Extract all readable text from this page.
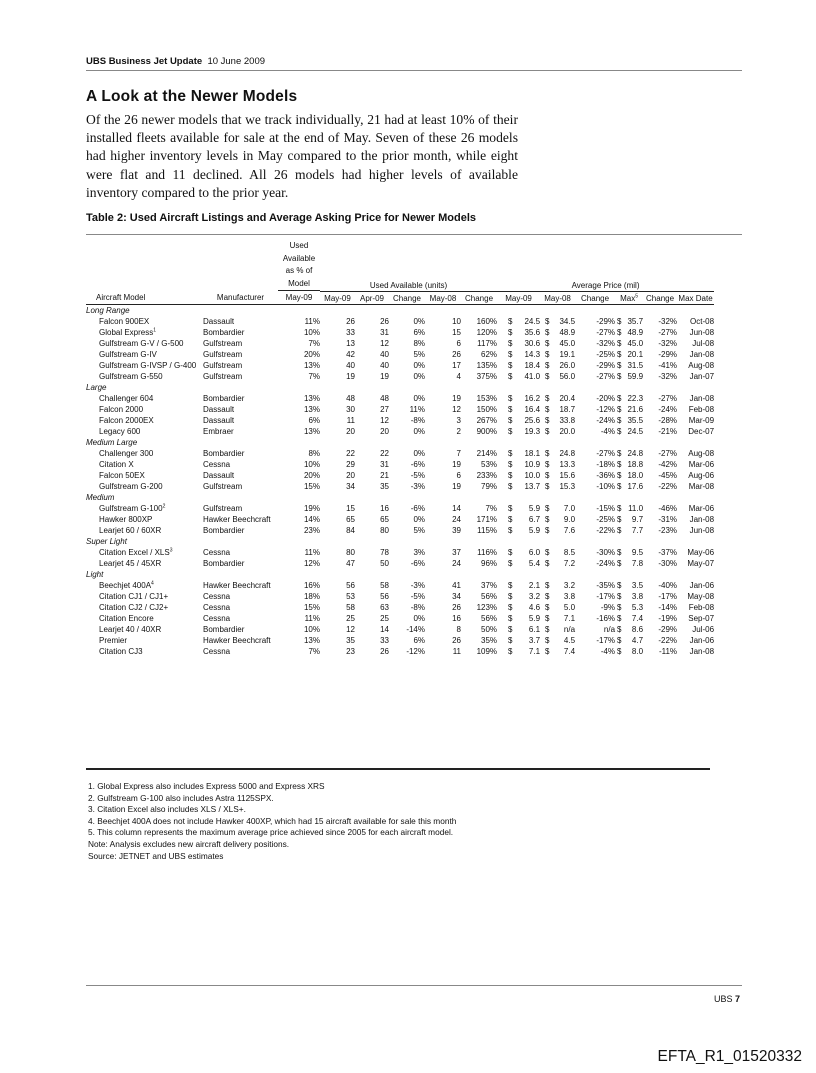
UBS Business Jet Update 10 June 2009
A Look at the Newer Models
Of the 26 newer models that we track individually, 21 had at least 10% of their installed fleets available for sale at the end of May. Seven of these 26 models had higher inventory levels in May compared to the prior month, while eight were flat and 11 declined. All 26 models had higher levels of available inventory compared to the prior year.
Table 2: Used Aircraft Listings and Average Asking Price for Newer Models

		Used
Available
as % of
Model	Used Available (units)					Average Price (mil)					
Aircraft Model	Manufacturer	May-09	May-09	Apr-09	Change	May-08	Change	May-09	May-08	Change	Max$^5$	Change	Max Date
Long Range													
Falcon 900EX	Dassault	11%	26	26	0%	10	160%	$ 24.5	$ 34.5	-29%	$ 35.7	-32%	Oct-08
Global Express$^1$	Bombardier	10%	33	31	6%	15	120%	$ 35.6	$ 48.9	-27%	$ 48.9	-27%	Jun-08
Gulfstream G-V / G-500	Gulfstream	7%	13	12	8%	6	117%	$ 30.6	$ 45.0	-32%	$ 45.0	-32%	Jul-08
Gulfstream G-IV	Gulfstream	20%	42	40	5%	26	62%	$ 14.3	$ 19.1	-25%	$ 20.1	-29%	Jan-08
Gulfstream G-IVSP / G-400	Gulfstream	13%	40	40	0%	17	135%	$ 18.4	$ 26.0	-29%	$ 31.5	-41%	Aug-08
Gulfstream G-550	Gulfstream	7%	19	19	0%	4	375%	$ 41.0	$ 56.0	-27%	$ 59.9	-32%	Jan-07
Large													
Challenger 604	Bombardier	13%	48	48	0%	19	153%	$ 16.2	$ 20.4	-20%	$ 22.3	-27%	Jan-08
Falcon 2000	Dassault	13%	30	27	11%	12	150%	$ 16.4	$ 18.7	-12%	$ 21.6	-24%	Feb-08
Falcon 2000EX	Dassault	6%	11	12	-8%	3	267%	$ 25.6	$ 33.8	-24%	$ 35.5	-28%	Mar-09
Legacy 600	Embraer	13%	20	20	0%	2	900%	$ 19.3	$ 20.0	-4%	$ 24.5	-21%	Dec-07
Medium Large													
Challenger 300	Bombardier	8%	22	22	0%	7	214%	$ 18.1	$ 24.8	-27%	$ 24.8	-27%	Aug-08
Citation X	Cessna	10%	29	31	-6%	19	53%	$ 10.9	$ 13.3	-18%	$ 18.8	-42%	Mar-06
Falcon 50EX	Dassault	20%	20	21	-5%	6	233%	$ 10.0	$ 15.6	-36%	$ 18.0	-45%	Aug-06
Gulfstream G-200	Gulfstream	15%	34	35	-3%	19	79%	$ 13.7	$ 15.3	-10%	$ 17.6	-22%	Mar-08
Medium													
Gulfstream $G-100^2$	Gulfstream	19%	15	16	-6%	14	7%	$ 5.9	$ 7.0	-15%	$ 11.0	-46%	Mar-06
Hawker 800XP	Hawker Beechcraft	14%	65	65	0%	24	171%	$ 6.7	$ 9.0	-25%	$ 9.7	-31%	Jan-08
Learjet 60 / 60XR	Bombardier	23%	84	80	5%	39	115%	$ 5.9	$ 7.6	-22%	$ 7.7	-23%	Jun-08
Super Light													
Citation Excel / XLS$^3$	Cessna	11%	80	78	3%	37	116%	$ 6.0	$ 8.5	-30%	$ 9.5	-37%	May-06
Learjet 45 / 45XR	Bombardier	12%	47	50	-6%	24	96%	$ 5.4	$ 7.2	-24%	$ 7.8	-30%	May-07
Light													
Beechjet $400A^4$	Hawker Beechcraft	16%	56	58	-3%	41	37%	$ 2.1	$ 3.2	-35%	$ 3.5	-40%	Jan-06
Citation CJ1 / CJ1+	Cessna	18%	53	56	-5%	34	56%	$ 3.2	$ 3.8	-17%	$ 3.8	-17%	May-08
Citation CJ2 / CJ2+	Cessna	15%	58	63	-8%	26	123%	$ 4.6	$ 5.0	-9%	$ 5.3	-14%	Feb-08
Citation Encore	Cessna	11%	25	25	0%	16	56%	$ 5.9	$ 7.1	-16%	$ 7.4	-19%	Sep-07
Learjet 40 / 40XR	Bombardier	10%	12	14	-14%	8	50%	$ 6.1	$ n/a	n/a	$ 8.6	-29%	Jul-06
Premier	Hawker Beechcraft	13%	35	33	6%	26	35%	$ 3.7	$ 4.5	-17%	$ 4.7	-22%	Jan-06
Citation CJ3	Cessna	7%	23	26	-12%	11	109%	$ 7.1	$ 7.4	-4%	$ 8.0	-11%	Jan-08
1. Global Express also includes Express 5000 and Express XRS
2. Gulfstream G-100 also includes Astra 1125SPX.
3. Citation Excel also includes XLS / XLS+.
4. Beechjet 400A does not include Hawker 400XP, which had 15 aircraft available for sale this month
5. This column represents the maximum average price achieved since 2005 for each aircraft model.
Note: Analysis excludes new aircraft delivery positions.
Source: JETNET and UBS estimates
UBS 7
EFTA_R1_01520332
